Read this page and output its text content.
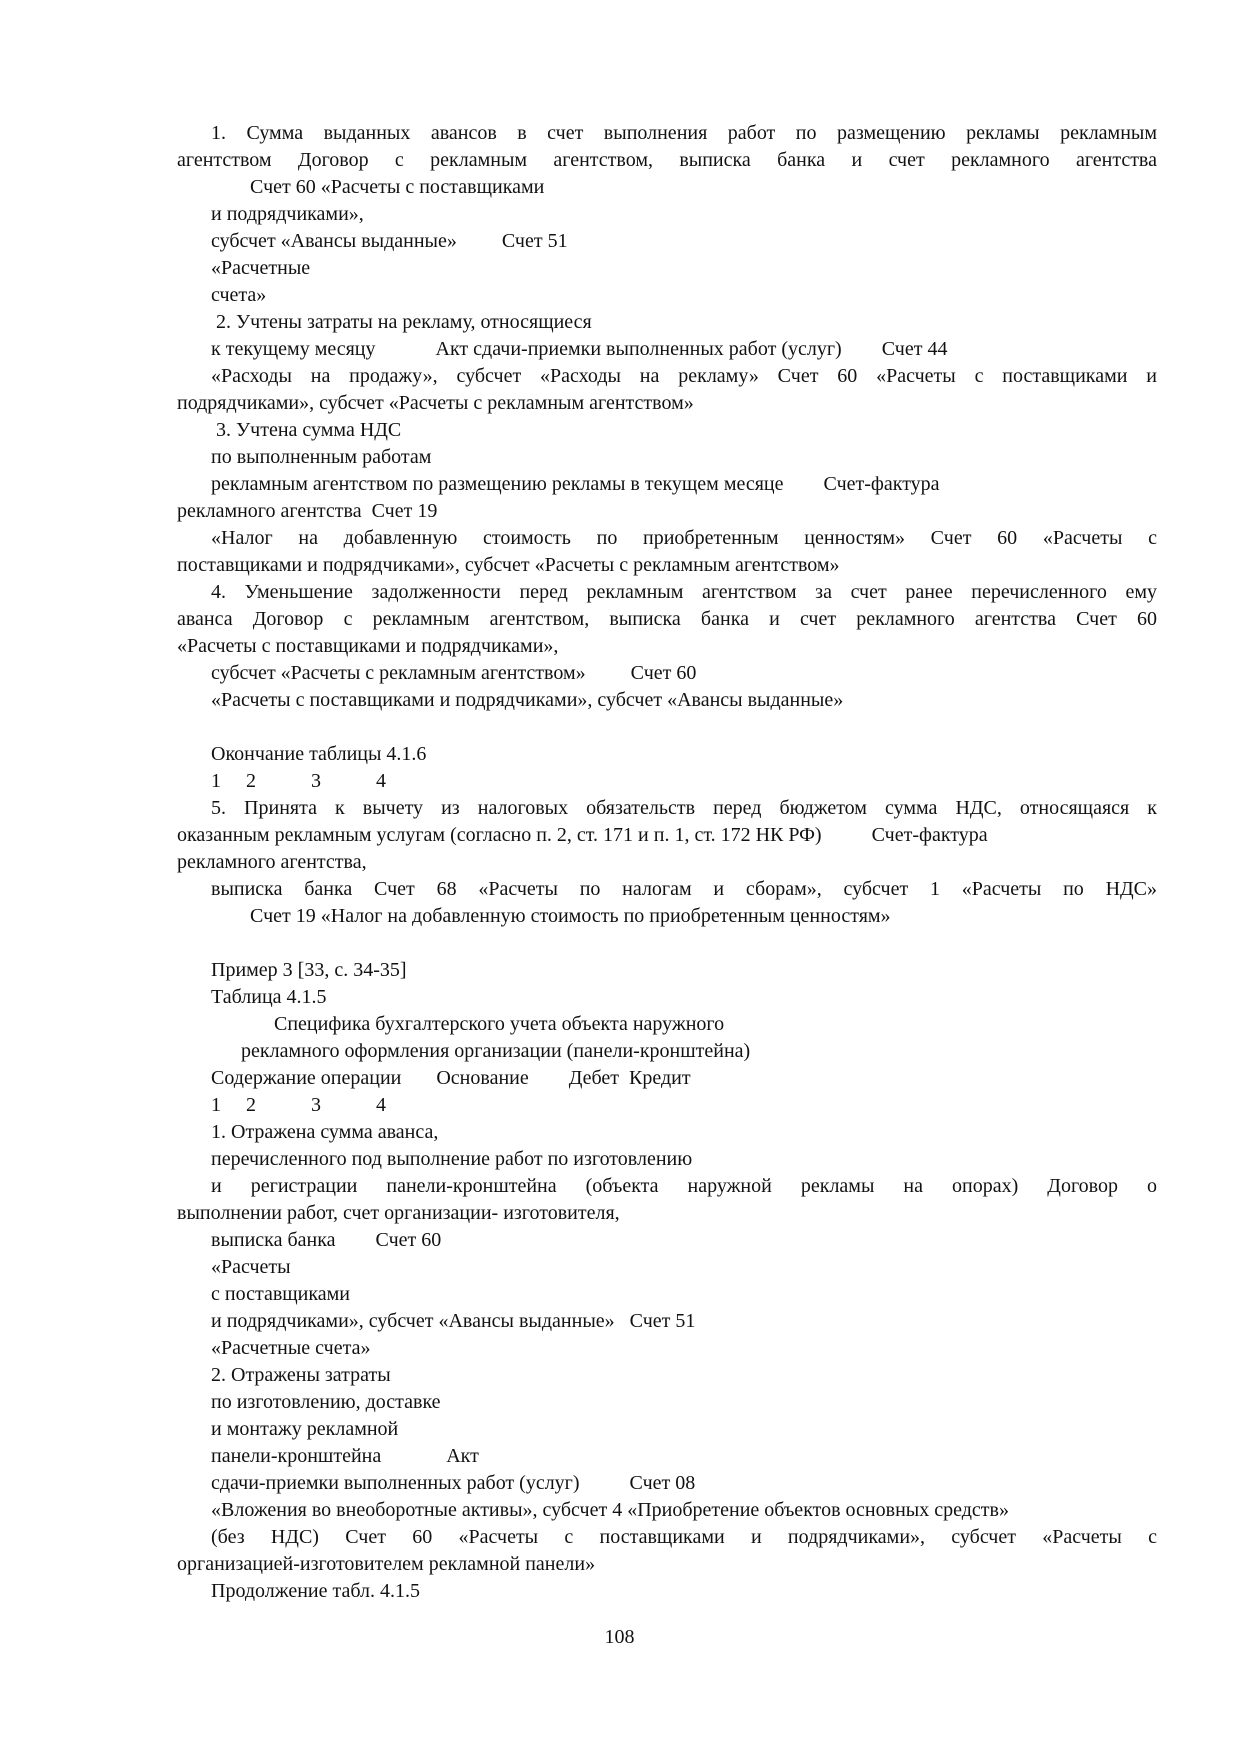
108
1. Сумма выданных авансов в счет выполнения работ по размещению рекламы рекламным
агентством Договор с рекламным агентством, выписка банка и счет рекламного агентства
Счет 60 «Расчеты с поставщиками
и подрядчиками»,
субсчет «Авансы выданные»         Счет 51
«Расчетные
счета»
2. Учтены затраты на рекламу, относящиеся
к текущему месяцу            Акт сдачи-приемки выполненных работ (услуг)        Счет 44
«Расходы на продажу», субсчет «Расходы на рекламу» Счет 60 «Расчеты с поставщиками и
подрядчиками», субсчет «Расчеты с рекламным агентством»
3. Учтена сумма НДС
по выполненным работам
рекламным агентством по размещению рекламы в текущем месяце        Счет-фактура
рекламного агентства  Счет 19
«Налог на добавленную стоимость по приобретенным ценностям» Счет 60 «Расчеты с
поставщиками и подрядчиками», субсчет «Расчеты с рекламным агентством»
4. Уменьшение задолженности перед рекламным агентством за счет ранее перечисленного ему
аванса Договор с рекламным агентством, выписка банка и счет рекламного агентства Счет 60
«Расчеты с поставщиками и подрядчиками»,
субсчет «Расчеты с рекламным агентством»         Счет 60
«Расчеты с поставщиками и подрядчиками», субсчет «Авансы выданные»
Окончание таблицы 4.1.6
1     2           3           4
5. Принята к вычету из налоговых обязательств перед бюджетом сумма НДС, относящаяся к
оказанным рекламным услугам (согласно п. 2, ст. 171 и п. 1, ст. 172 НК РФ)          Счет-фактура
рекламного агентства,
выписка банка Счет 68 «Расчеты по налогам и сборам», субсчет 1 «Расчеты по НДС»
Счет 19 «Налог на добавленную стоимость по приобретенным ценностям»
Пример 3 [33, с. 34-35]
Таблица 4.1.5
Специфика бухгалтерского учета объекта наружного
рекламного оформления организации (панели-кронштейна)
Содержание операции       Основание        Дебет  Кредит
1     2           3           4
1. Отражена сумма аванса,
перечисленного под выполнение работ по изготовлению
и регистрации панели-кронштейна (объекта наружной рекламы на опорах) Договор о
выполнении работ, счет организации- изготовителя,
выписка банка        Счет 60
«Расчеты
с поставщиками
и подрядчиками», субсчет «Авансы выданные»   Счет 51
«Расчетные счета»
2. Отражены затраты
по изготовлению, доставке
и монтажу рекламной
панели-кронштейна             Акт
сдачи-приемки выполненных работ (услуг)          Счет 08
«Вложения во внеоборотные активы», субсчет 4 «Приобретение объектов основных средств»
(без НДС) Счет 60 «Расчеты с поставщиками и подрядчиками», субсчет «Расчеты с
организацией-изготовителем рекламной панели»
Продолжение табл. 4.1.5
